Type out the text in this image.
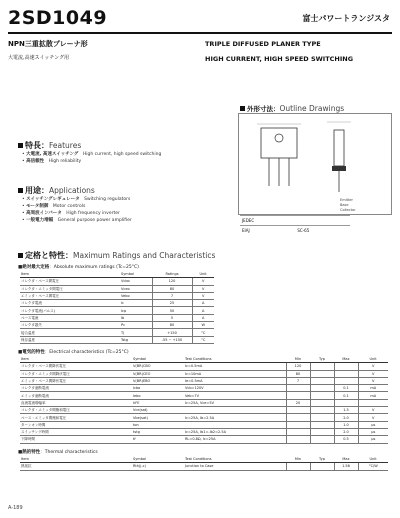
2SD1049	富士パワートランジスタ
NPN三重拡散プレーナ形
大電流,高速スイッチング用
TRIPLE DIFFUSED PLANER TYPE
HIGH CURRENT, HIGH SPEED SWITCHING
外形寸法：Outline Drawings
Emitter
Base
Collector
JEDEC	
EIAJ	SC-65
特長：Features
• 大電流, 高速スイッチング　 High current, high speed switching
• 高信頼性　 High reliability
用途：Applications
• スイッチングレギュレータ　 Switching regulators
• モータ制御　 Motor controls
• 高周波インバータ　 High frequency inverter
• 一般電力増幅　 General purpose power amplifier
定格と特性：Maximum Ratings and Characteristics
■絶対最大定格：Absolute maximum ratings (Tc=25°C)
Item	Symbol	Ratings	Unit
コレクタ・ベース間電圧	Vcbo	120	V
コレクタ・エミッタ間電圧	Vceo	80	V
エミッタ・ベース間電圧	Vebo	7	V
コレクタ電流	Ic	25	A
コレクタ電流(パルス)	Icp	50	A
ベース電流	Ib	5	A
コレクタ損失	Pc	80	W
接合温度	Tj	+150	°C
保存温度	Tstg	-55 ~ +150	°C
■電気的特性：Electrical characteristics (Tc=25°C)
Item	Symbol	Test Conditions	Min	Typ	Max	Unit
コレクタ・ベース間降伏電圧	V(BR)CBO	Ic=0.5mA	120			V
コレクタ・エミッタ間降伏電圧	V(BR)CEO	Ic=10mA	80			V
エミッタ・ベース間降伏電圧	V(BR)EBO	Ie=0.5mA	7			V
コレクタ遮断電流	Icbo	Vcb=120V			0.1	mA
エミッタ遮断電流	Iebo	Veb=7V			0.1	mA
直流電流増幅率	hFE	Ic=25A, Vce=5V	20			
コレクタ・エミッタ間飽和電圧	Vce(sat)				1.5	V
ベース・エミッタ間飽和電圧	Vbe(sat)	Ic=25A, Ib=2.5A			2.0	V
ターンオン時間	ton				1.0	μs
スイッチング時間	tstg	Ic=25A, Ib1=-Ib2=2.5A			2.0	μs
下降時間	tf	RL=0.8Ω, Ic=25A			0.5	μs
■熱的特性：Thermal characteristics
Item	Symbol	Test Conditions	Min	Typ	Max	Unit
熱抵抗	Rth(j-c)	Junction to Case			1.56	°C/W
A-189
